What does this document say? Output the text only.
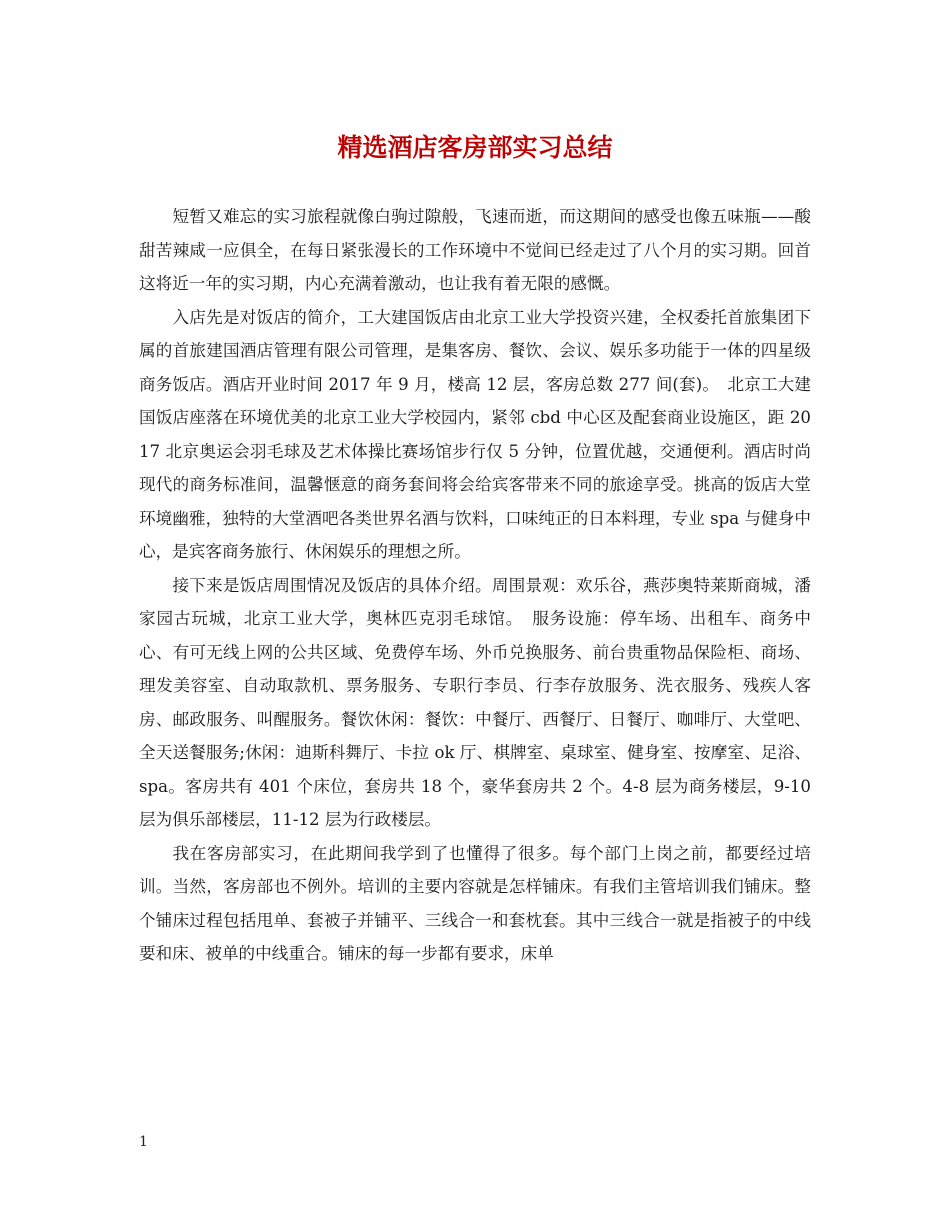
精选酒店客房部实习总结

短暂又难忘的实习旅程就像白驹过隙般，飞速而逝，而这期间的感受也像五味瓶——酸甜苦辣咸一应俱全，在每日紧张漫长的工作环境中不觉间已经走过了八个月的实习期。回首这将近一年的实习期，内心充满着激动，也让我有着无限的感慨。

入店先是对饭店的简介，工大建国饭店由北京工业大学投资兴建，全权委托首旅集团下属的首旅建国酒店管理有限公司管理，是集客房、餐饮、会议、娱乐多功能于一体的四星级商务饭店。酒店开业时间 2017 年 9 月，楼高 12 层，客房总数 277 间(套)。　北京工大建国饭店座落在环境优美的北京工业大学校园内，紧邻 cbd 中心区及配套商业设施区，距 2017 北京奥运会羽毛球及艺术体操比赛场馆步行仅 5 分钟，位置优越，交通便利。酒店时尚现代的商务标准间，温馨惬意的商务套间将会给宾客带来不同的旅途享受。挑高的饭店大堂环境幽雅，独特的大堂酒吧各类世界名酒与饮料，口味纯正的日本料理，专业 spa 与健身中心，是宾客商务旅行、休闲娱乐的理想之所。

接下来是饭店周围情况及饭店的具体介绍。周围景观：欢乐谷，燕莎奥特莱斯商城，潘家园古玩城，北京工业大学，奥林匹克羽毛球馆。　服务设施：停车场、出租车、商务中心、有可无线上网的公共区域、免费停车场、外币兑换服务、前台贵重物品保险柜、商场、理发美容室、自动取款机、票务服务、专职行李员、行李存放服务、洗衣服务、残疾人客房、邮政服务、叫醒服务。餐饮休闲：餐饮：中餐厅、西餐厅、日餐厅、咖啡厅、大堂吧、全天送餐服务;休闲：迪斯科舞厅、卡拉 ok 厅、棋牌室、桌球室、健身室、按摩室、足浴、spa。客房共有 401 个床位，套房共 18 个，豪华套房共 2 个。4-8 层为商务楼层，9-10 层为俱乐部楼层，11-12 层为行政楼层。

我在客房部实习，在此期间我学到了也懂得了很多。每个部门上岗之前，都要经过培训。当然，客房部也不例外。培训的主要内容就是怎样铺床。有我们主管培训我们铺床。整个铺床过程包括甩单、套被子并铺平、三线合一和套枕套。其中三线合一就是指被子的中线要和床、被单的中线重合。铺床的每一步都有要求，床单

1
